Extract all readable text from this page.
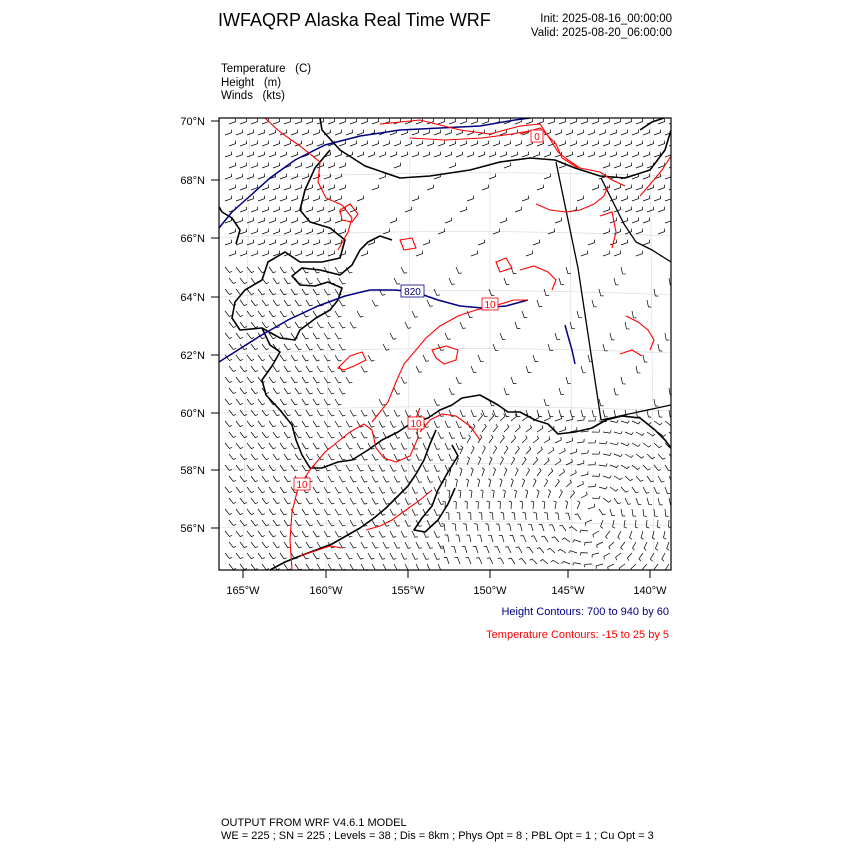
IWFAQRP Alaska Real Time WRF	Init: 2025-08-16_00:00:00
Valid: 2025-08-20_06:00:00
Temperature (C)
Height (m)
Winds (kts)
820
10
10
10
0
70°N
68°N
66°N
64°N
62°N
60°N
58°N
56°N
165°W	160°W	155°W	150°W	145°W	140°W
Height Contours: 700 to 940 by 60
Temperature Contours: -15 to 25 by 5
OUTPUT FROM WRF V4.6.1 MODEL
WE = 225 ; SN = 225 ; Levels = 38 ; Dis = 8km ; Phys Opt = 8 ; PBL Opt = 1 ; Cu Opt = 3
